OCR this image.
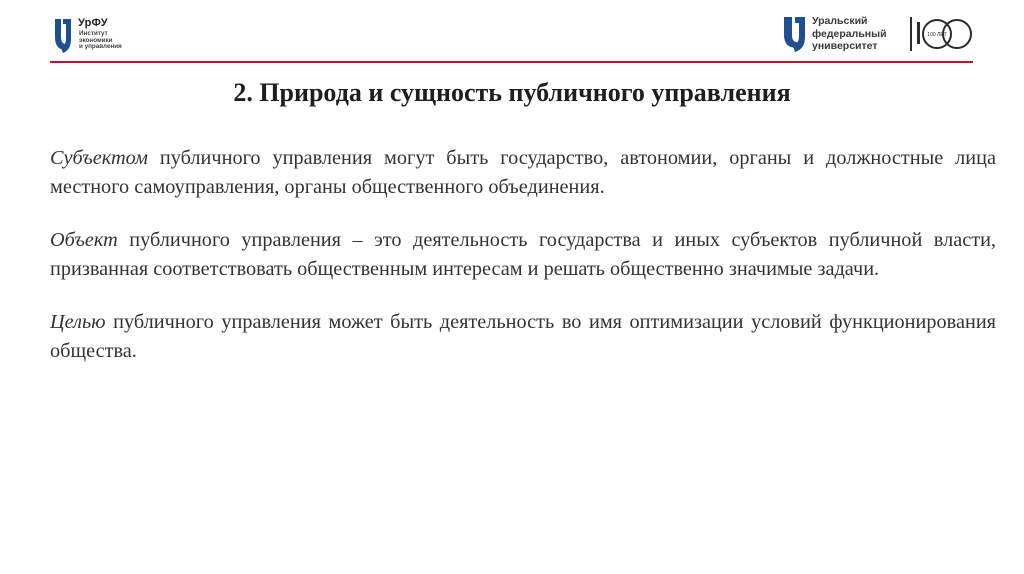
УрФУ
Институт
экономики
и управления
Уральский
федеральный
университет
100 ЛЕТ
2. Природа и сущность публичного управления

Субъектом публичного управления могут быть государство, автономии, органы и должностные лица местного самоуправления, органы общественного объединения.

Объект публичного управления – это деятельность государства и иных субъектов публичной власти, призванная соответствовать общественным интересам и решать общественно значимые задачи.

Целью публичного управления может быть деятельность во имя оптимизации условий функционирования общества.
